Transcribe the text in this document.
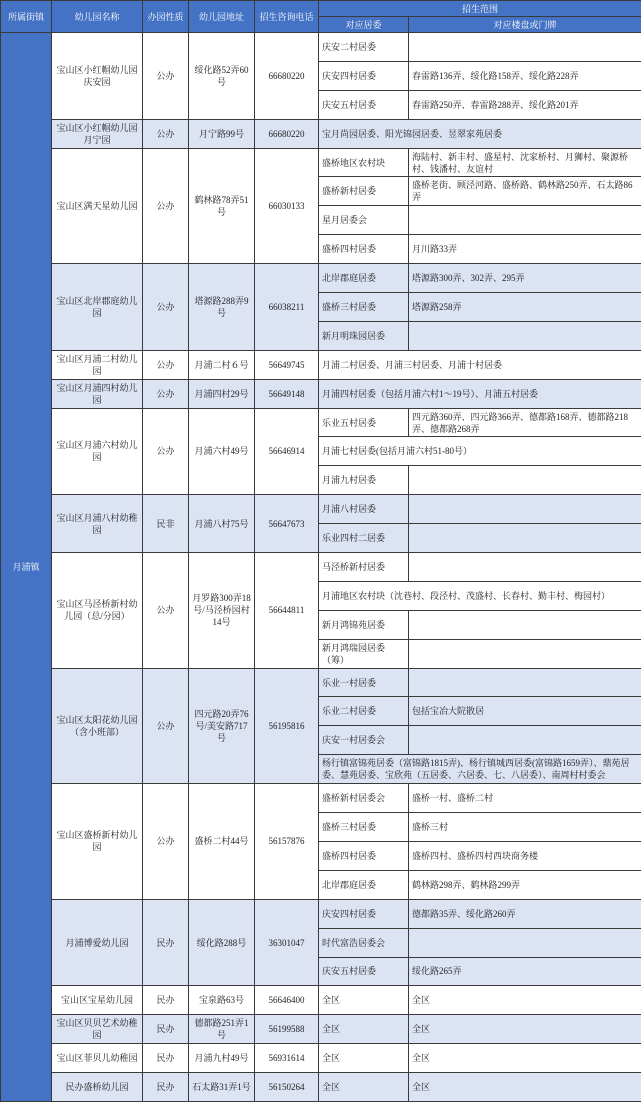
所属街镇	幼儿园名称	办园性质	幼儿园地址	招生咨询电话	招生范围	
					对应居委	对应楼盘或门牌
月浦镇	宝山区小红帽幼儿园庆安园	公办	绥化路52弄60号	66680220	庆安二村居委	
					庆安四村居委	春雷路136弄、绥化路158弄、绥化路228弄
					庆安五村居委	春雷路250弄、春雷路288弄、绥化路201弄
	宝山区小红帽幼儿园月宁园	公办	月宁路99号	66680220	宝月尚园居委、阳光锦园居委、昱翠家苑居委	
	宝山区满天星幼儿园	公办	鹤林路78弄51号	66030133	盛桥地区农村块	海陆村、新丰村、盛星村、沈家桥村、月狮村、聚源桥村、钱潘村、友谊村
					盛桥新村居委	盛桥老街、顾泾河路、盛桥路、鹤林路250弄、石太路86弄
					星月居委会	
					盛桥四村居委	月川路33弄
	宝山区北岸郡庭幼儿园	公办	塔源路288弄9号	66038211	北岸郡庭居委	塔源路300弄、302弄、295弄
					盛桥三村居委	塔源路258弄
					新月明珠园居委	
	宝山区月浦二村幼儿园	公办	月浦二村６号	56649745	月浦二村居委、月浦三村居委、月浦十村居委	
	宝山区月浦四村幼儿园	公办	月浦四村29号	56649148	月浦四村居委（包括月浦六村1～19号）、月浦五村居委	
	宝山区月浦六村幼儿园	公办	月浦六村49号	56646914	乐业五村居委	四元路360弄、四元路366弄、德都路168弄、德都路218弄、德都路268弄
					月浦七村居委(包括月浦六村51-80号）	
					月浦九村居委	
	宝山区月浦八村幼稚园	民非	月浦八村75号	56647673	月浦八村居委	
					乐业四村二居委	
	宝山区马泾桥新村幼儿园（总/分园）	公办	月罗路300弄18号/马泾桥园村14号	56644811	马泾桥新村居委	
					月浦地区农村块（沈巷村、段泾村、茂盛村、长春村、勤丰村、梅园村）	
					新月鸿锦苑居委	
					新月鸿瑞园居委（筹）	
	宝山区太阳花幼儿园（含小班部）	公办	四元路20弄76号/美安路717号	56195816	乐业一村居委	
					乐业二村居委	包括宝冶大院散居
					庆安一村居委会	
					杨行镇富锦苑居委（富锦路1815弄)、杨行镇城西居委(富锦路1659弄）、鼎苑居委、慧苑居委、宝欣苑（五居委、六居委、七、八居委）、南周村村委会	
	宝山区盛桥新村幼儿园	公办	盛桥二村44号	56157876	盛桥新村居委会	盛桥一村、盛桥二村
					盛桥三村居委	盛桥三村
					盛桥四村居委	盛桥四村、盛桥四村西块商务楼
					北岸郡庭居委	鹤林路298弄、鹤林路299弄
	月浦博爱幼儿园	民办	绥化路288号	36301047	庆安四村居委	德都路35弄、绥化路260弄
					时代富浩居委会	
					庆安五村居委	绥化路265弄
	宝山区宝星幼儿园	民办	宝泉路63号	56646400	全区	全区
	宝山区贝贝艺术幼稚园	民办	德都路251弄1号	56199588	全区	全区
	宝山区菲贝儿幼稚园	民办	月浦九村49号	56931614	全区	全区
	民办盛桥幼儿园	民办	石太路31弄1号	56150264	全区	全区
